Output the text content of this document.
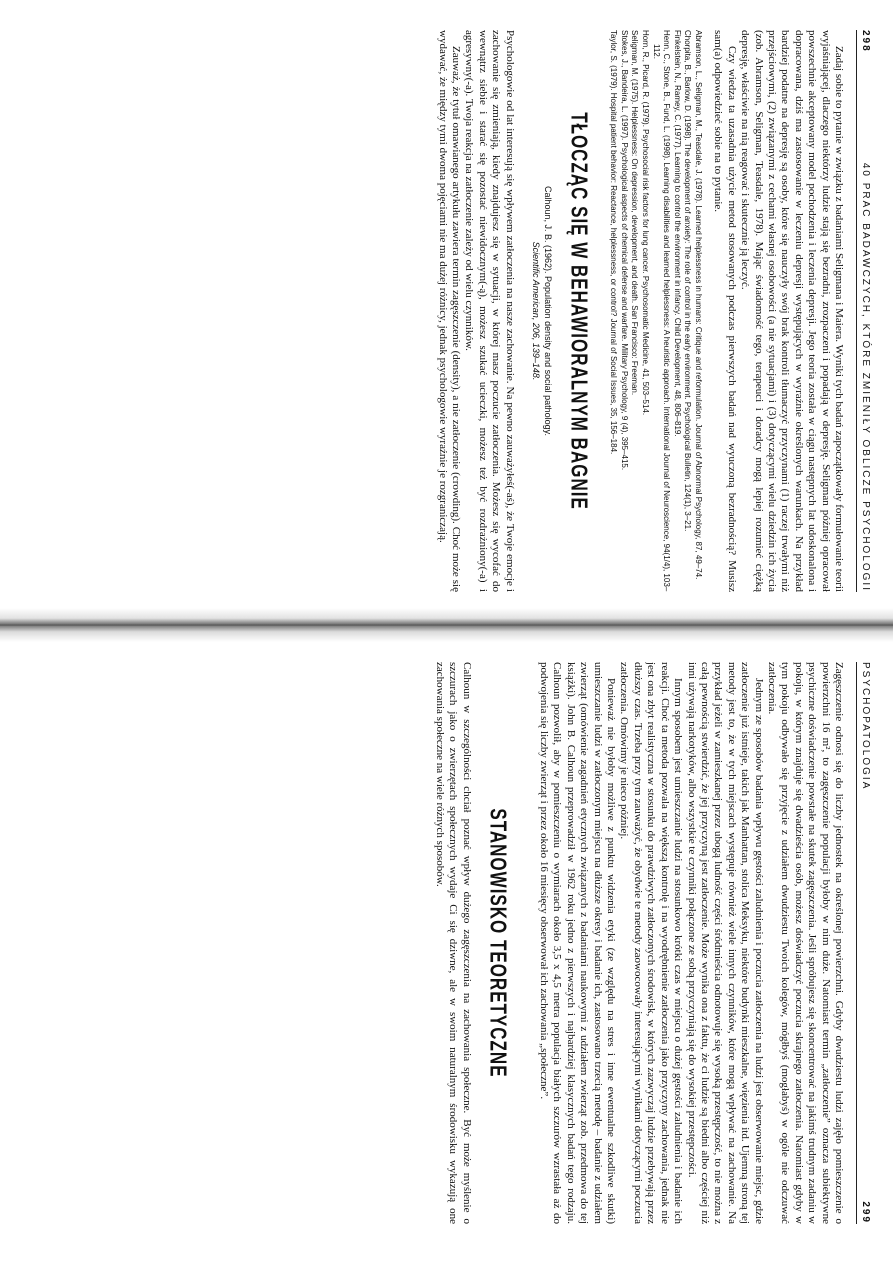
298
40 PRAC BADAWCZYCH, KTÓRE ZMIENIŁY OBLICZE PSYCHOLOGII

Zadaj sobie to pytanie w związku z badaniami Seligmana i Maiera. Wyniki tych badań zapoczątkowały formułowanie teorii wyjaśniającej, dlaczego niektórzy ludzie stają się bezradni, zrozpaczeni i popadają w depresję. Seligman później opracował powszechnie akceptowany model pochodzenia i leczenia depresji. Jego teoria została w ciągu następnych lat udoskonalona i dopracowana, dziś ma zastosowanie w leczeniu depresji występujących w wyraźnie określonych warunkach. Na przykład bardziej podatne na depresję są osoby, które się nauczyły swój brak kontroli tłumaczyć przyczynami (1) raczej trwałymi niż przejściowymi, (2) związanymi z cechami własnej osobowości (a nie sytuacjami) i (3) dotyczącymi wielu dziedzin ich życia (zob. Abramson, Seligman, Teasdale, 1978). Mając świadomość tego, terapeuci i doradcy mogą lepiej rozumieć ciężką depresję, właściwie na nią reagować i skutecznie ją leczyć.

Czy wiedza ta uzasadnia użycie metod stosowanych podczas pierwszych badań nad wyuczoną bezradnością? Musisz sam(a) odpowiedzieć sobie na to pytanie.

Abramson, L., Seligman, M., Teasdale, J. (1978). Learned helplessness in humans: Critique and reformulation. Journal of Abnormal Psychology, 87, 49–74.
Chorpita, B., Barlow, D. (1998). The development of anxiety: The role of control in the early environment. Psychological Bulletin, 124(1), 3–21.
Finkelstein, N., Ramey, C. (1977). Learning to control the environment in infancy. Child Development, 48, 806–819.
Henn, C., Stone, B., Fund, L. (1998). Learning disabilities and learned helplessness: A heuristic approach. International Journal of Neuroscience, 94(1/4), 103–112.
Horn, R., Picard, R. (1979). Psychosocial risk factors for lung cancer. Psychosomatic Medicine, 41, 503–514.
Seligman, M. (1975). Helplessness: On depression, development, and death. San Francisco: Freeman.
Stokes, J., Bandeira, L. (1997). Psychological aspects of chemical defense and warfare. Military Psychology, 9 (4), 395–415.
Taylor, S. (1979). Hospital patient behavior: Reactance, helplessness, or control? Journal of Social Issues, 35, 156–184.
TŁOCZĄC SIĘ W BEHAWIORALNYM BAGNIE
Calhoun, J. B. (1962). Population density and social pathology.
Scientific American, 206, 139–148.

Psychologowie od lat interesują się wpływem zatłoczenia na nasze zachowanie. Na pewno zauważyłeś(-aś), że Twoje emocje i zachowanie się zmieniają, kiedy znajdujesz się w sytuacji, w której masz poczucie zatłoczenia. Możesz się wycofać do wewnątrz siebie i starać się pozostać niewidocznym(-ą), możesz szukać ucieczki, możesz też być rozdrażniony(-a) i agresywny(-a). Twoja reakcja na zatłoczenie zależy od wielu czynników.

Zauważ, że tytuł omawianego artykułu zawiera termin zagęszczenie (density), a nie zatłoczenie (crowding). Choć może się wydawać, że między tymi dwoma pojęciami nie ma dużej różnicy, jednak psychologowie wyraźnie je rozgraniczają.

PSYCHOPATOLOGIA
299

Zagęszczenie odnosi się do liczby jednostek na określonej powierzchni. Gdyby dwudziestu ludzi zajęło pomieszczenie o powierzchni 16 m², to zagęszczenie populacji byłoby w nim duże. Natomiast termin „zatłoczenie” oznacza subiektywne psychiczne doświadczenie powstałe na skutek zagęszczenia. Jeśli spróbujesz się skoncentrować na jakimś trudnym zadaniu w pokoju, w którym znajduje się dwadzieścia osób, możesz doświadczyć poczucia skrajnego zatłoczenia. Natomiast gdyby w tym pokoju odbywało się przyjęcie z udziałem dwudziestu Twoich kolegów, mógłbyś (mogłabyś) w ogóle nie odczuwać zatłoczenia.

Jednym ze sposobów badania wpływu gęstości zaludnienia i poczucia zatłoczenia na ludzi jest obserwowanie miejsc, gdzie zatłoczenie już istnieje, takich jak Manhattan, stolica Meksyku, niektóre budynki mieszkalne, więzienia itd. Ujemną stroną tej metody jest to, że w tych miejscach występuje również wiele innych czynników, które mogą wpływać na zachowanie. Na przykład jeżeli w zamieszkanej przez ubogą ludność części śródmieścia odnotowuje się wysoką przestępczość, to nie można z całą pewnością stwierdzić, że jej przyczyną jest zatłoczenie. Może wynika ona z faktu, że ci ludzie są biedni albo częściej niż inni używają narkotyków, albo wszystkie te czynniki połączone ze sobą przyczyniają się do wysokiej przestępczości.

Innym sposobem jest umieszczanie ludzi na stosunkowo krótki czas w miejscu o dużej gęstości zaludnienia i badanie ich reakcji. Choć ta metoda pozwala na większą kontrolę i na wyodrębnienie zatłoczenia jako przyczyny zachowania, jednak nie jest ona zbyt realistyczna w stosunku do prawdziwych zatłoczonych środowisk, w których zazwyczaj ludzie przebywają przez dłuższy czas. Trzeba przy tym zauważyć, że obydwie te metody zaowocowały interesującymi wynikami dotyczącymi poczucia zatłoczenia. Omówimy je nieco później.

Ponieważ nie byłoby możliwe z punktu widzenia etyki (ze względu na stres i inne ewentualne szkodliwe skutki) umieszczanie ludzi w zatłoczonym miejscu na dłuższe okresy i badanie ich, zastosowano trzecią metodę – badanie z udziałem zwierząt (omówienie zagadnień etycznych związanych z badaniami naukowymi z udziałem zwierząt zob. przedmowa do tej książki). John B. Calhoun przeprowadził w 1962 roku jedno z pierwszych i najbardziej klasycznych badań tego rodzaju. Calhoun pozwolił, aby w pomieszczeniu o wymiarach około 3,5 x 4,5 metra populacja białych szczurów wzrastała aż do podwojenia się liczby zwierząt i przez około 16 miesięcy obserwował ich zachowania „społeczne”.

STANOWISKO TEORETYCZNE

Calhoun w szczególności chciał poznać wpływ dużego zagęszczenia na zachowania społeczne. Być może myślenie o szczurach jako o zwierzętach społecznych wydaje Ci się dziwne, ale w swoim naturalnym środowisku wykazują one zachowania społeczne na wiele różnych sposobów.
